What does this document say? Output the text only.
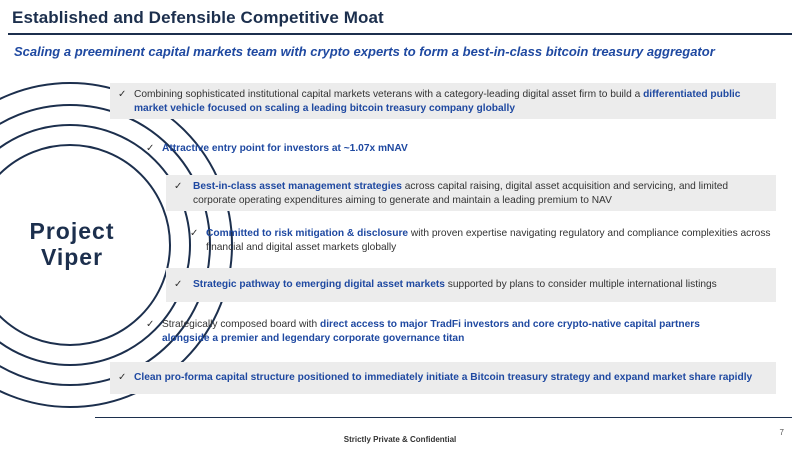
Established and Defensible Competitive Moat
Scaling a preeminent capital markets team with crypto experts to form a best-in-class bitcoin treasury aggregator
Project
Viper
✓ Combining sophisticated institutional capital markets veterans with a category-leading digital asset firm to build a differentiated public market vehicle focused on scaling a leading bitcoin treasury company globally
✓ Attractive entry point for investors at ~1.07x mNAV
✓ Best-in-class asset management strategies across capital raising, digital asset acquisition and servicing, and limited corporate operating expenditures aiming to generate and maintain a leading premium to NAV
✓ Committed to risk mitigation & disclosure with proven expertise navigating regulatory and compliance complexities across financial and digital asset markets globally
✓ Strategic pathway to emerging digital asset markets supported by plans to consider multiple international listings
✓ Strategically composed board with direct access to major TradFi investors and core crypto-native capital partners alongside a premier and legendary corporate governance titan
✓ Clean pro-forma capital structure positioned to immediately initiate a Bitcoin treasury strategy and expand market share rapidly
7
Strictly Private & Confidential
